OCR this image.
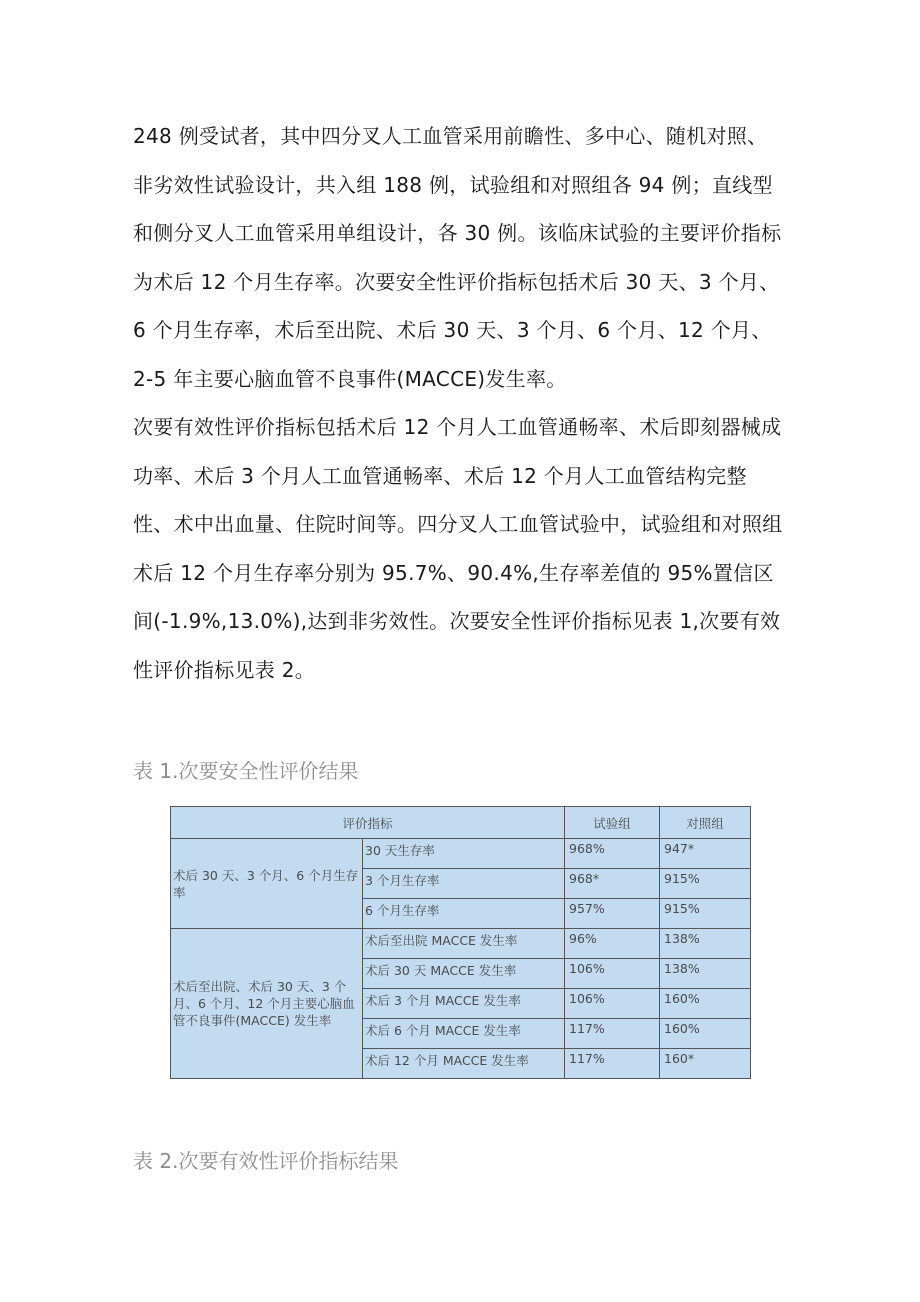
248 例受试者，其中四分叉人工血管采用前瞻性、多中心、随机对照、非劣效性试验设计，共入组 188 例，试验组和对照组各 94 例；直线型和侧分叉人工血管采用单组设计，各 30 例。该临床试验的主要评价指标为术后 12 个月生存率。次要安全性评价指标包括术后 30 天、3 个月、6 个月生存率，术后至出院、术后 30 天、3 个月、6 个月、12 个月、2-5 年主要心脑血管不良事件(MACCE)发生率。

次要有效性评价指标包括术后 12 个月人工血管通畅率、术后即刻器械成功率、术后 3 个月人工血管通畅率、术后 12 个月人工血管结构完整性、术中出血量、住院时间等。四分叉人工血管试验中，试验组和对照组术后 12 个月生存率分别为 95.7%、90.4%,生存率差值的 95%置信区间(-1.9%,13.0%),达到非劣效性。次要安全性评价指标见表 1,次要有效性评价指标见表 2。

表 1.次要安全性评价结果
评价指标		试验组	对照组
术后 30 天、3 个月、6 个月生存率	30 天生存率	968%	947*
	3 个月生存率	968*	915%
	6 个月生存率	957%	915%
术后至出院、术后 30 天、3 个月、6 个月、12 个月主要心脑血管不良事件(MACCE) 发生率	术后至出院 MACCE 发生率	96%	138%
	术后 30 天 MACCE 发生率	106%	138%
	术后 3 个月 MACCE 发生率	106%	160%
	术后 6 个月 MACCE 发生率	117%	160%
	术后 12 个月 MACCE 发生率	117%	160*
表 2.次要有效性评价指标结果
